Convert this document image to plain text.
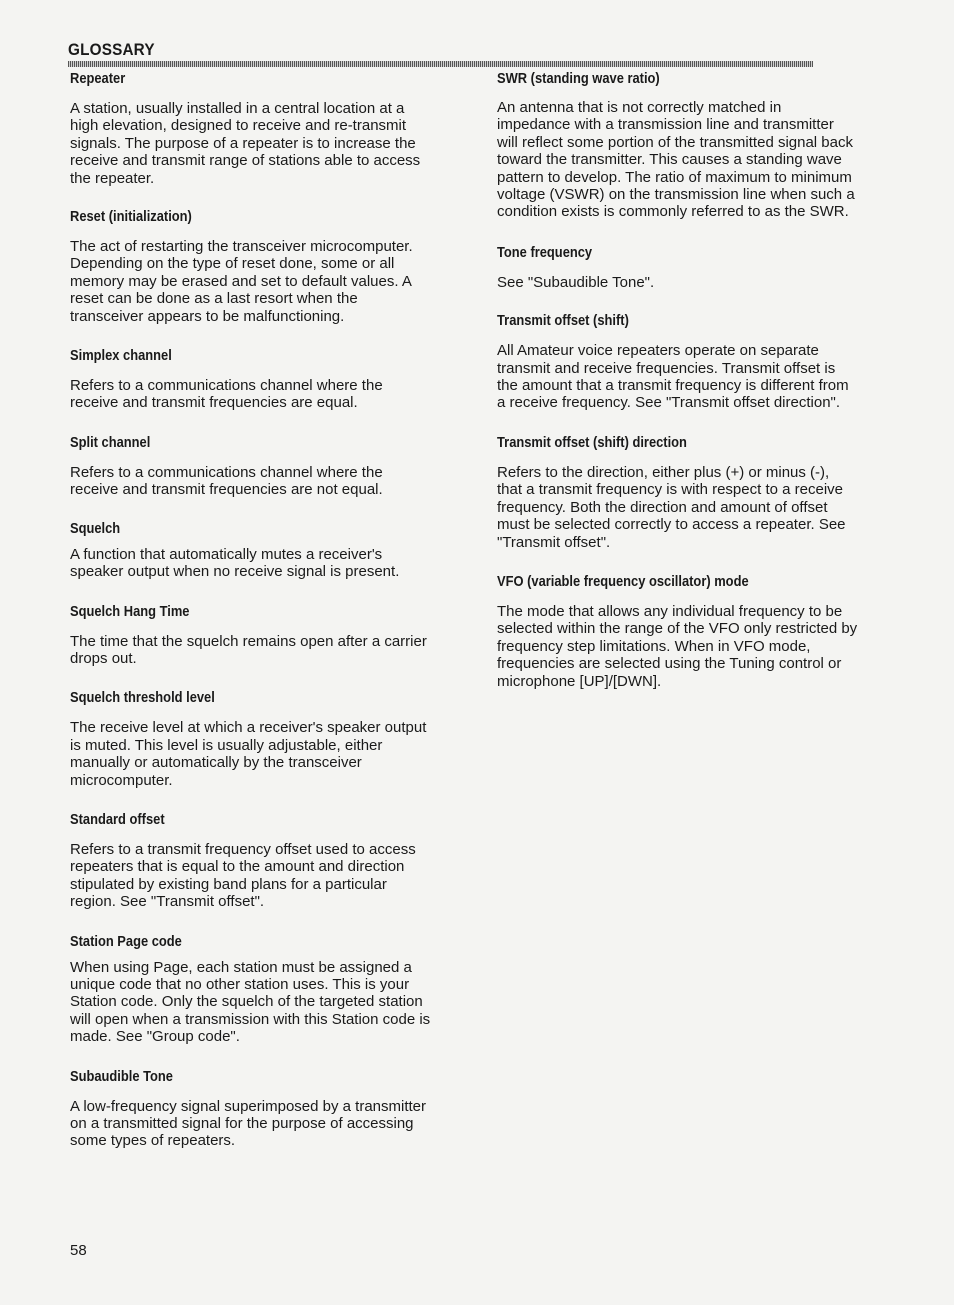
GLOSSARY
Repeater

A station, usually installed in a central location at a
high elevation, designed to receive and re-transmit
signals. The purpose of a repeater is to increase the
receive and transmit range of stations able to access
the repeater.

Reset (initialization)

The act of restarting the transceiver microcomputer.
Depending on the type of reset done, some or all
memory may be erased and set to default values. A
reset can be done as a last resort when the
transceiver appears to be malfunctioning.

Simplex channel

Refers to a communications channel where the
receive and transmit frequencies are equal.

Split channel

Refers to a communications channel where the
receive and transmit frequencies are not equal.

Squelch

A function that automatically mutes a receiver's
speaker output when no receive signal is present.

Squelch Hang Time

The time that the squelch remains open after a carrier
drops out.

Squelch threshold level

The receive level at which a receiver's speaker output
is muted. This level is usually adjustable, either
manually or automatically by the transceiver
microcomputer.

Standard offset

Refers to a transmit frequency offset used to access
repeaters that is equal to the amount and direction
stipulated by existing band plans for a particular
region. See "Transmit offset".

Station Page code

When using Page, each station must be assigned a
unique code that no other station uses. This is your
Station code. Only the squelch of the targeted station
will open when a transmission with this Station code is
made. See "Group code".

Subaudible Tone

A low-frequency signal superimposed by a transmitter
on a transmitted signal for the purpose of accessing
some types of repeaters.

SWR (standing wave ratio)

An antenna that is not correctly matched in
impedance with a transmission line and transmitter
will reflect some portion of the transmitted signal back
toward the transmitter. This causes a standing wave
pattern to develop. The ratio of maximum to minimum
voltage (VSWR) on the transmission line when such a
condition exists is commonly referred to as the SWR.

Tone frequency

See "Subaudible Tone".

Transmit offset (shift)

All Amateur voice repeaters operate on separate
transmit and receive frequencies. Transmit offset is
the amount that a transmit frequency is different from
a receive frequency. See "Transmit offset direction".

Transmit offset (shift) direction

Refers to the direction, either plus (+) or minus (-),
that a transmit frequency is with respect to a receive
frequency. Both the direction and amount of offset
must be selected correctly to access a repeater. See
"Transmit offset".

VFO (variable frequency oscillator) mode

The mode that allows any individual frequency to be
selected within the range of the VFO only restricted by
frequency step limitations. When in VFO mode,
frequencies are selected using the Tuning control or
microphone [UP]/[DWN].

58
